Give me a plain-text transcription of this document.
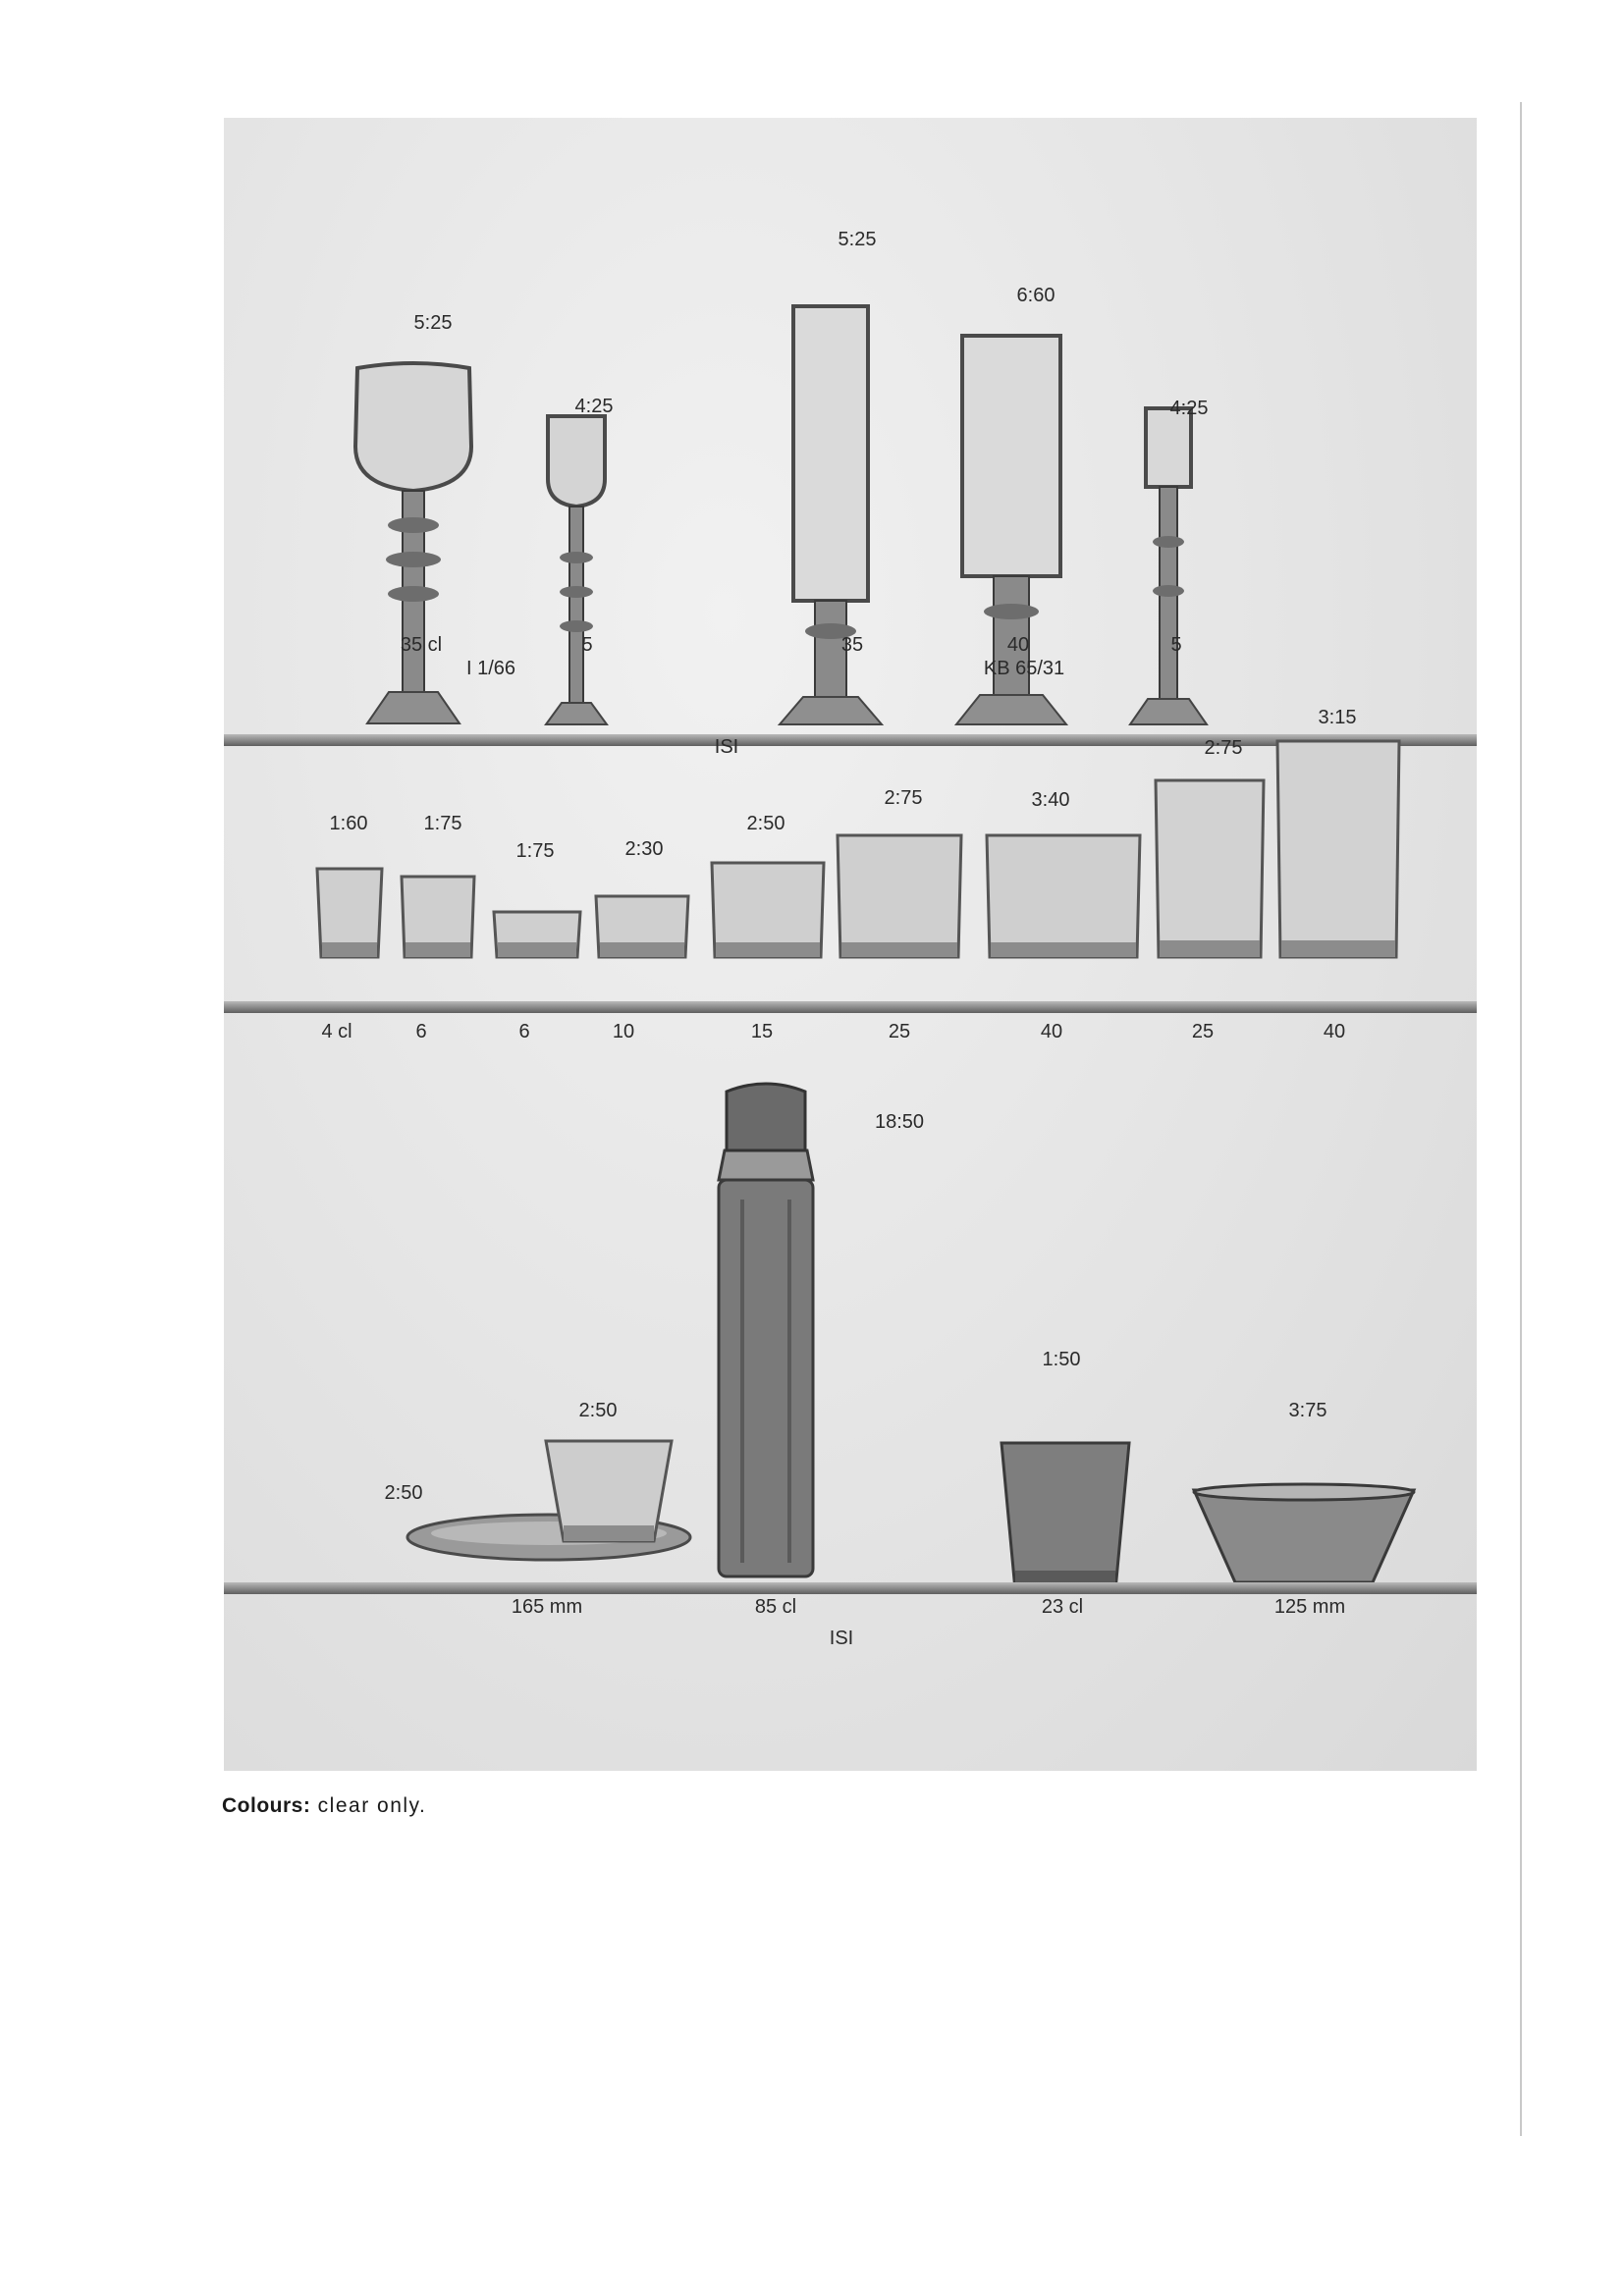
5:25
4:25
5:25
6:60
4:25
35 cl	5	35	40	5
I 1/66	KB 65/31
ISI
1:60	1:75
1:75	2:30
2:50
2:75	3:40
2:75
3:15
4 cl	6	6	10	15	25	40	25	40
2:50
2:50
18:50
1:50
3:75
165 mm	85 cl	23 cl	125 mm
ISI
Colours: clear only.
